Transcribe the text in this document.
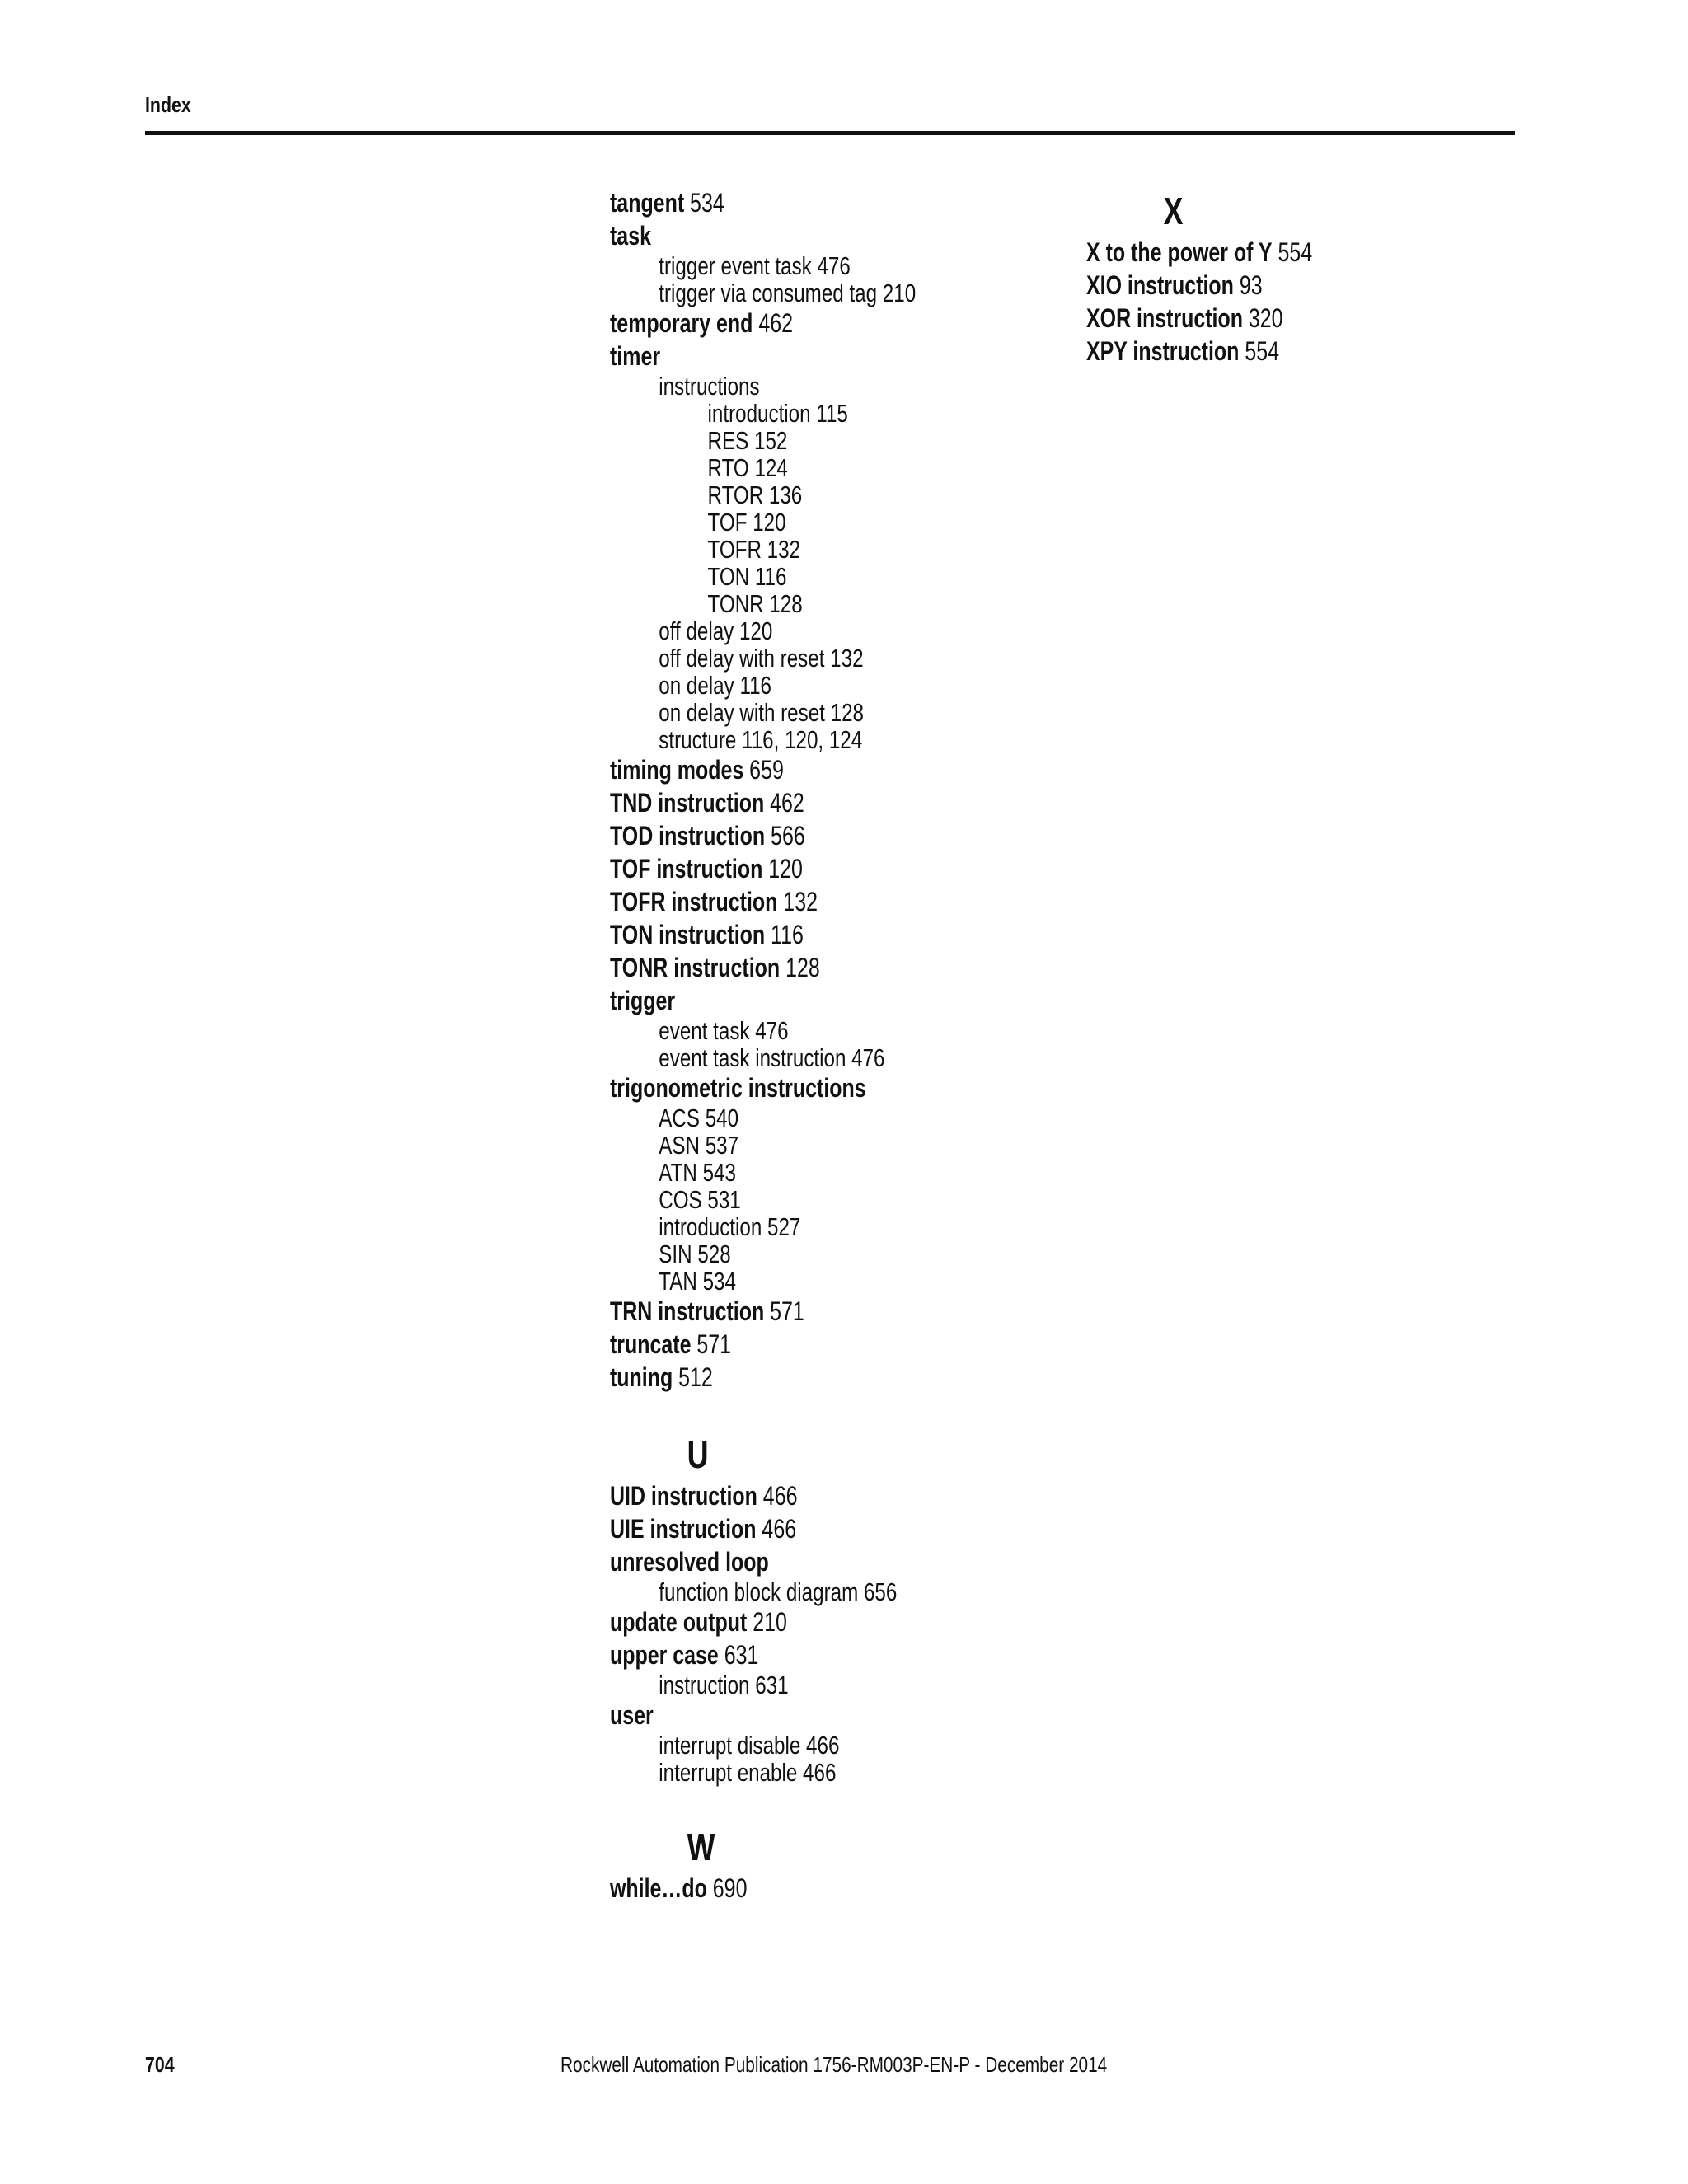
Index
tangent 534
task
trigger event task 476
trigger via consumed tag 210
temporary end 462
timer
instructions
introduction 115
RES 152
RTO 124
RTOR 136
TOF 120
TOFR 132
TON 116
TONR 128
off delay 120
off delay with reset 132
on delay 116
on delay with reset 128
structure 116, 120, 124
timing modes 659
TND instruction 462
TOD instruction 566
TOF instruction 120
TOFR instruction 132
TON instruction 116
TONR instruction 128
trigger
event task 476
event task instruction 476
trigonometric instructions
ACS 540
ASN 537
ATN 543
COS 531
introduction 527
SIN 528
TAN 534
TRN instruction 571
truncate 571
tuning 512
U
UID instruction 466
UIE instruction 466
unresolved loop
function block diagram 656
update output 210
upper case 631
instruction 631
user
interrupt disable 466
interrupt enable 466
W
while…do 690
X
X to the power of Y 554
XIO instruction 93
XOR instruction 320
XPY instruction 554
704	Rockwell Automation Publication 1756-RM003P-EN-P - December 2014
